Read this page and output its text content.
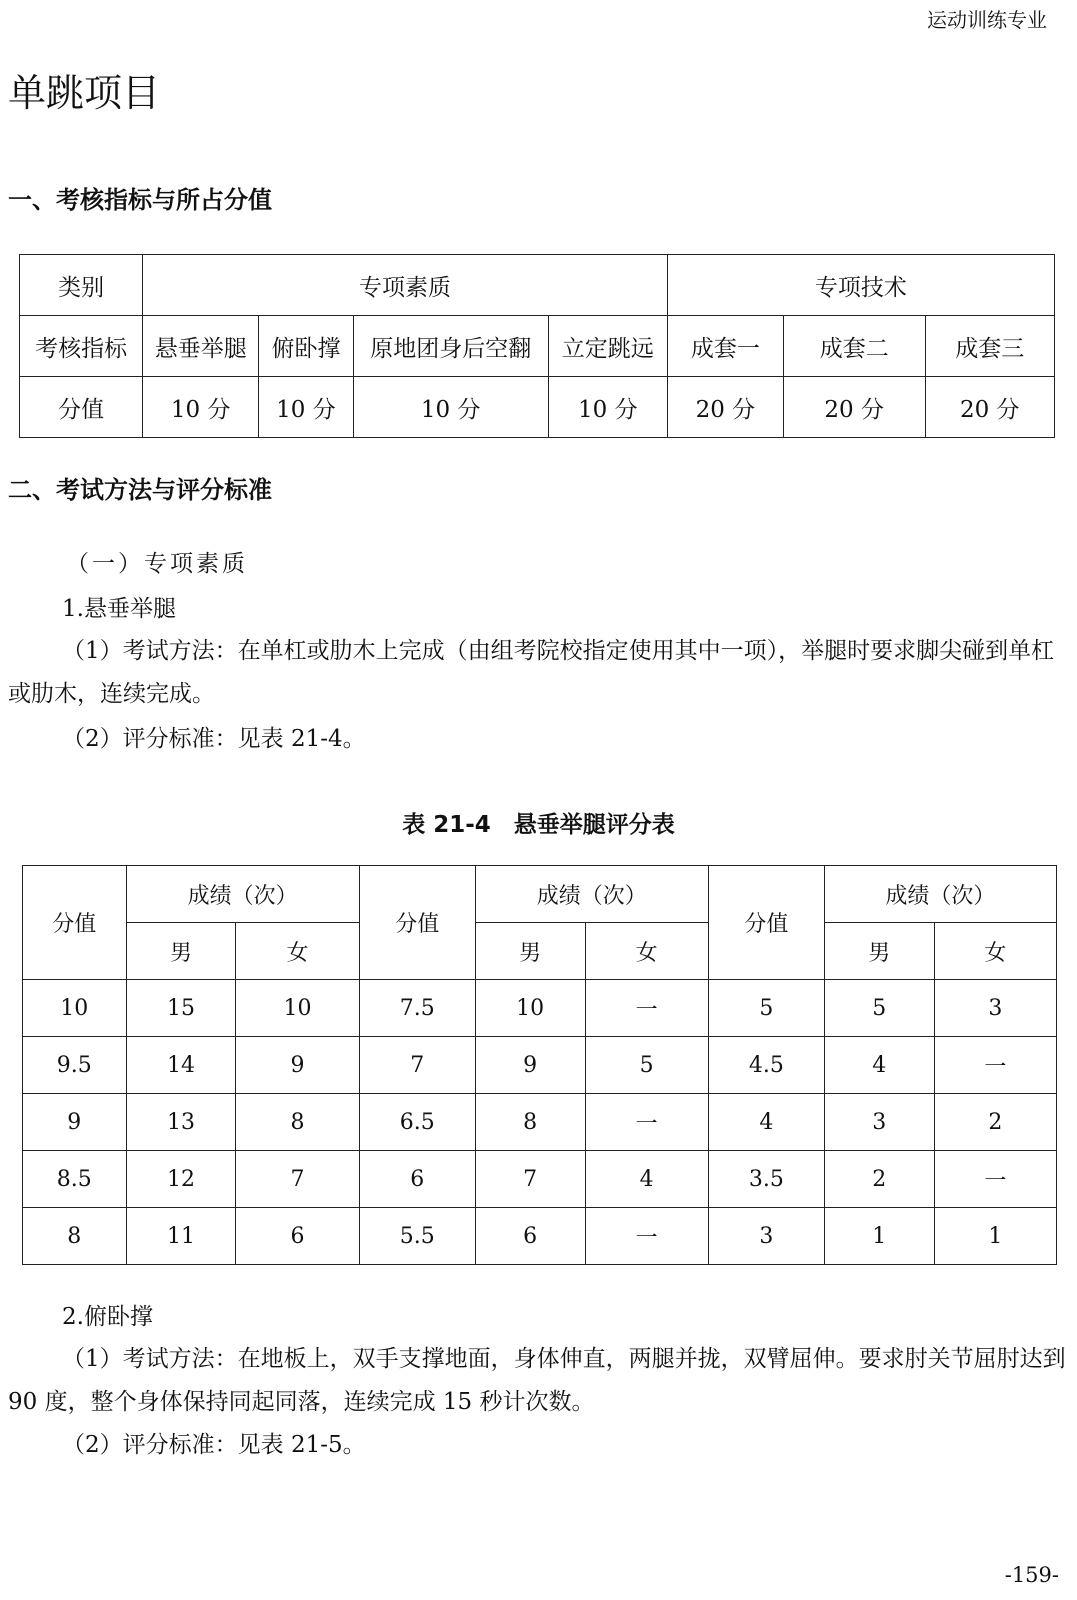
运动训练专业
单跳项目
一、考核指标与所占分值
类别	专项素质				专项技术		
考核指标	悬垂举腿	俯卧撑	原地团身后空翻	立定跳远	成套一	成套二	成套三
分值	10 分	10 分	10 分	10 分	20 分	20 分	20 分
二、考试方法与评分标准
（一）专项素质

1.悬垂举腿

（1）考试方法：在单杠或肋木上完成（由组考院校指定使用其中一项），举腿时要求脚尖碰到单杠或肋木，连续完成。

（2）评分标准：见表 21-4。

表 21-4　悬垂举腿评分表
分值	成绩（次）		分值	成绩（次）		分值	成绩（次）	
	男	女		男	女		男	女
10	15	10	7.5	10	一	5	5	3
9.5	14	9	7	9	5	4.5	4	一
9	13	8	6.5	8	一	4	3	2
8.5	12	7	6	7	4	3.5	2	一
8	11	6	5.5	6	一	3	1	1

2.俯卧撑

（1）考试方法：在地板上，双手支撑地面，身体伸直，两腿并拢，双臂屈伸。要求肘关节屈肘达到 90 度，整个身体保持同起同落，连续完成 15 秒计次数。

（2）评分标准：见表 21-5。

-159-
